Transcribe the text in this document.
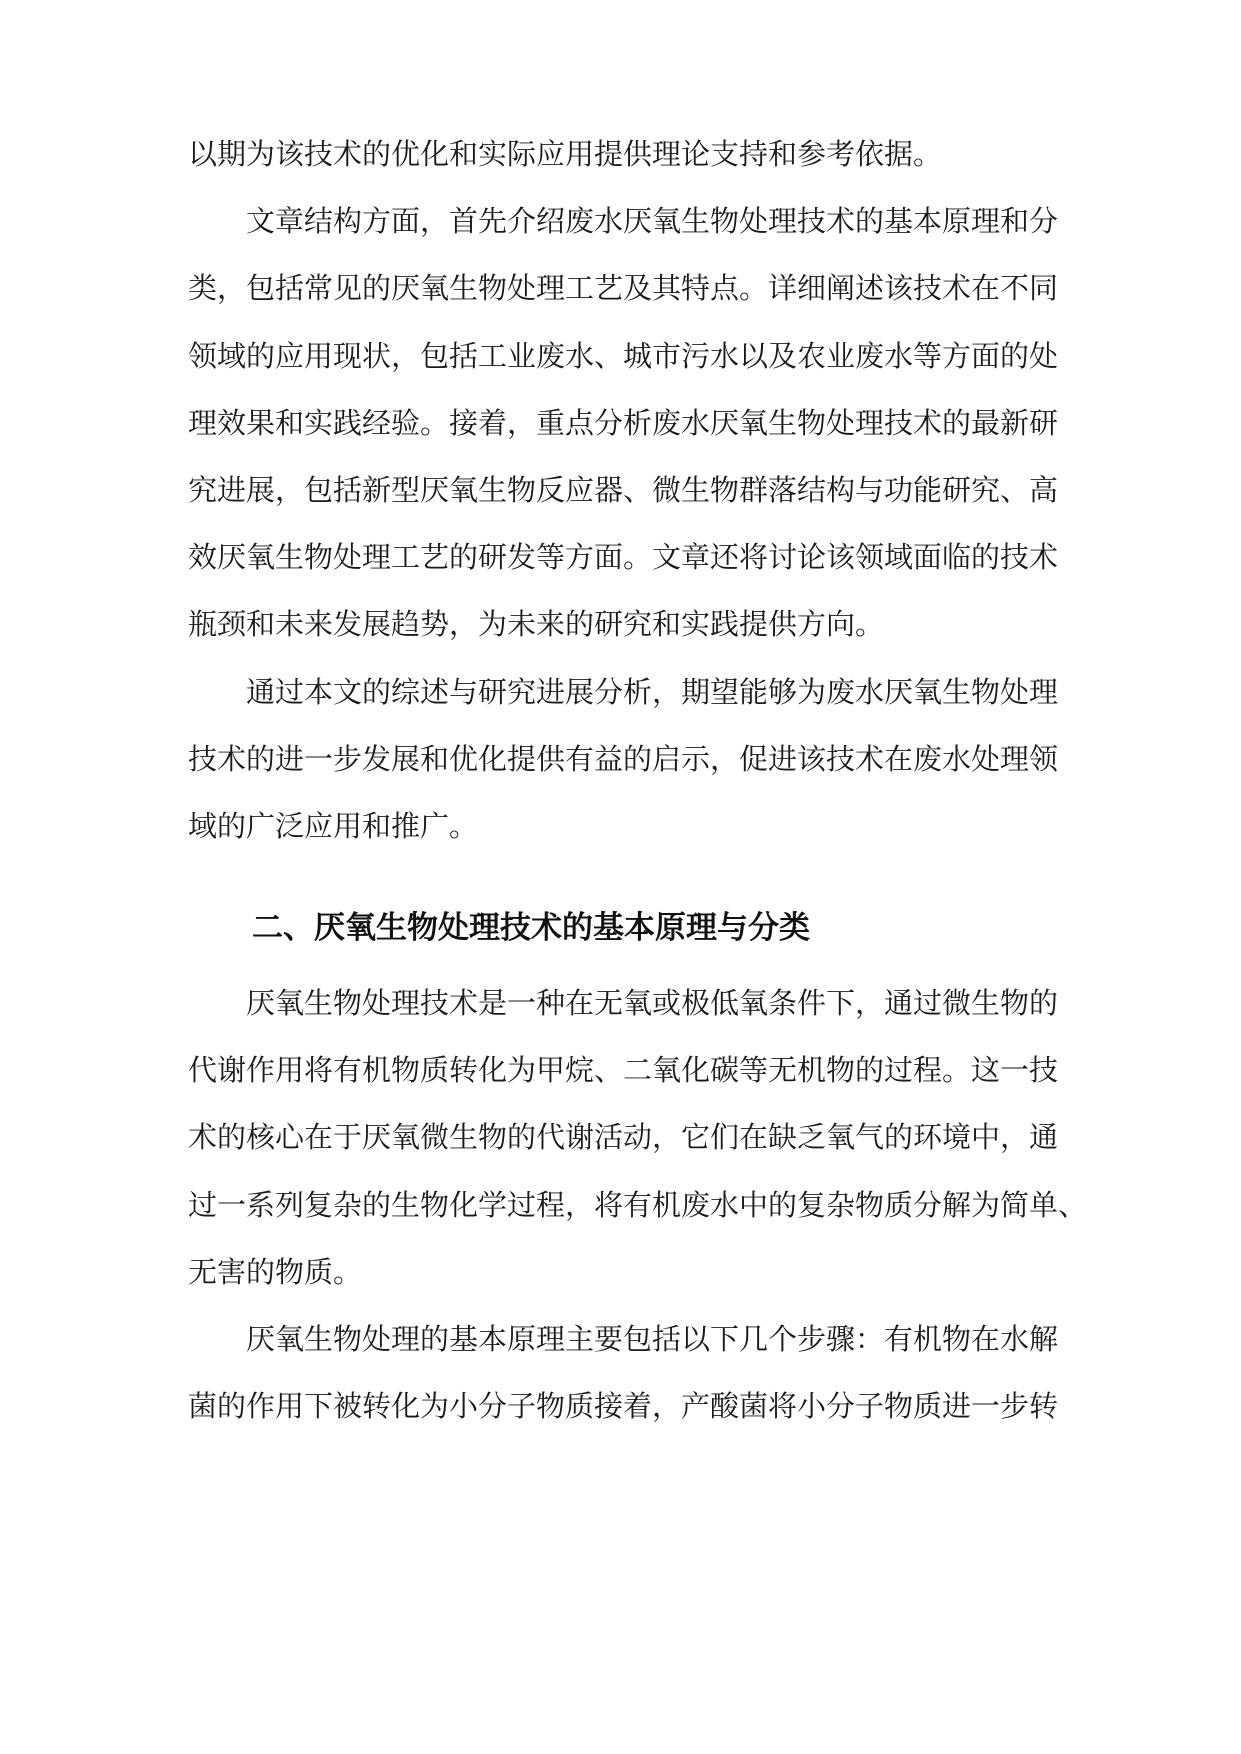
以期为该技术的优化和实际应用提供理论支持和参考依据。
文章结构方面，首先介绍废水厌氧生物处理技术的基本原理和分
类，包括常见的厌氧生物处理工艺及其特点。详细阐述该技术在不同
领域的应用现状，包括工业废水、城市污水以及农业废水等方面的处
理效果和实践经验。接着，重点分析废水厌氧生物处理技术的最新研
究进展，包括新型厌氧生物反应器、微生物群落结构与功能研究、高
效厌氧生物处理工艺的研发等方面。文章还将讨论该领域面临的技术
瓶颈和未来发展趋势，为未来的研究和实践提供方向。
通过本文的综述与研究进展分析，期望能够为废水厌氧生物处理
技术的进一步发展和优化提供有益的启示，促进该技术在废水处理领
域的广泛应用和推广。
二、厌氧生物处理技术的基本原理与分类
厌氧生物处理技术是一种在无氧或极低氧条件下，通过微生物的
代谢作用将有机物质转化为甲烷、二氧化碳等无机物的过程。这一技
术的核心在于厌氧微生物的代谢活动，它们在缺乏氧气的环境中，通
过一系列复杂的生物化学过程，将有机废水中的复杂物质分解为简单、
无害的物质。
厌氧生物处理的基本原理主要包括以下几个步骤：有机物在水解
菌的作用下被转化为小分子物质接着，产酸菌将小分子物质进一步转
